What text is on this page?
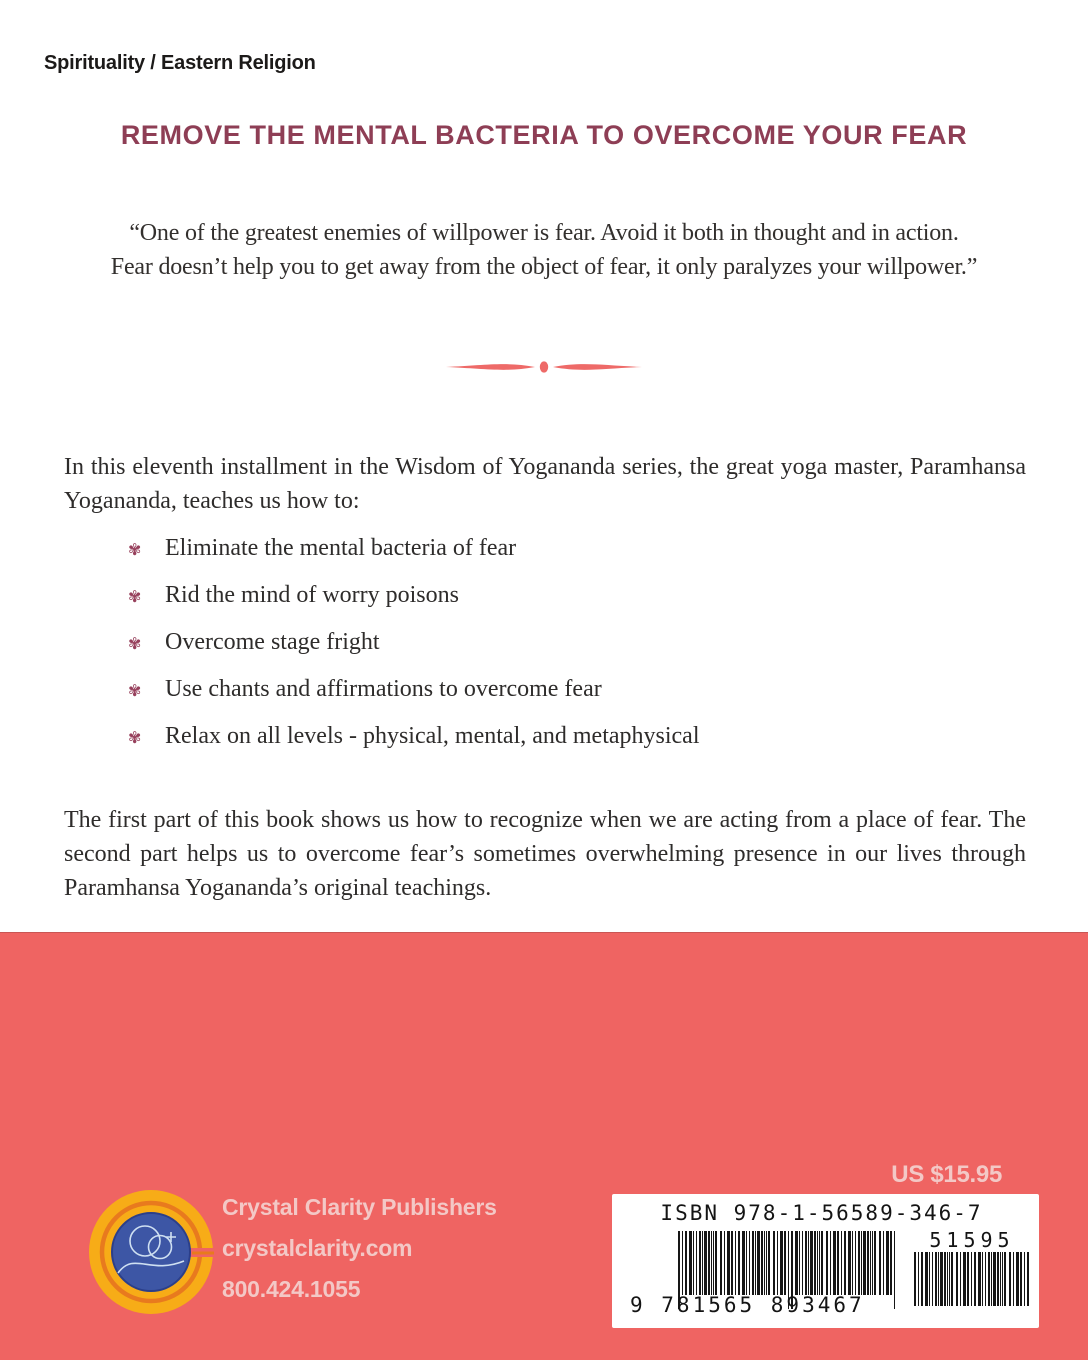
Spirituality / Eastern Religion
REMOVE THE MENTAL BACTERIA TO OVERCOME YOUR FEAR
“One of the greatest enemies of willpower is fear. Avoid it both in thought and in action.
Fear doesn’t help you to get away from the object of fear, it only paralyzes your willpower.”
In this eleventh installment in the Wisdom of Yogananda series, the great yoga master, Paramhansa Yogananda, teaches us how to:
✾ Eliminate the mental bacteria of fear
✾ Rid the mind of worry poisons
✾ Overcome stage fright
✾ Use chants and affirmations to overcome fear
✾ Relax on all levels - physical, mental, and metaphysical
The first part of this book shows us how to recognize when we are acting from a place of fear. The second part helps us to overcome fear’s sometimes overwhelming presence in our lives through Paramhansa Yogananda’s original teachings.
US $15.95
Crystal Clarity Publishers
crystalclarity.com
800.424.1055
ISBN 978-1-56589-346-7
9 781565 893467
51595
